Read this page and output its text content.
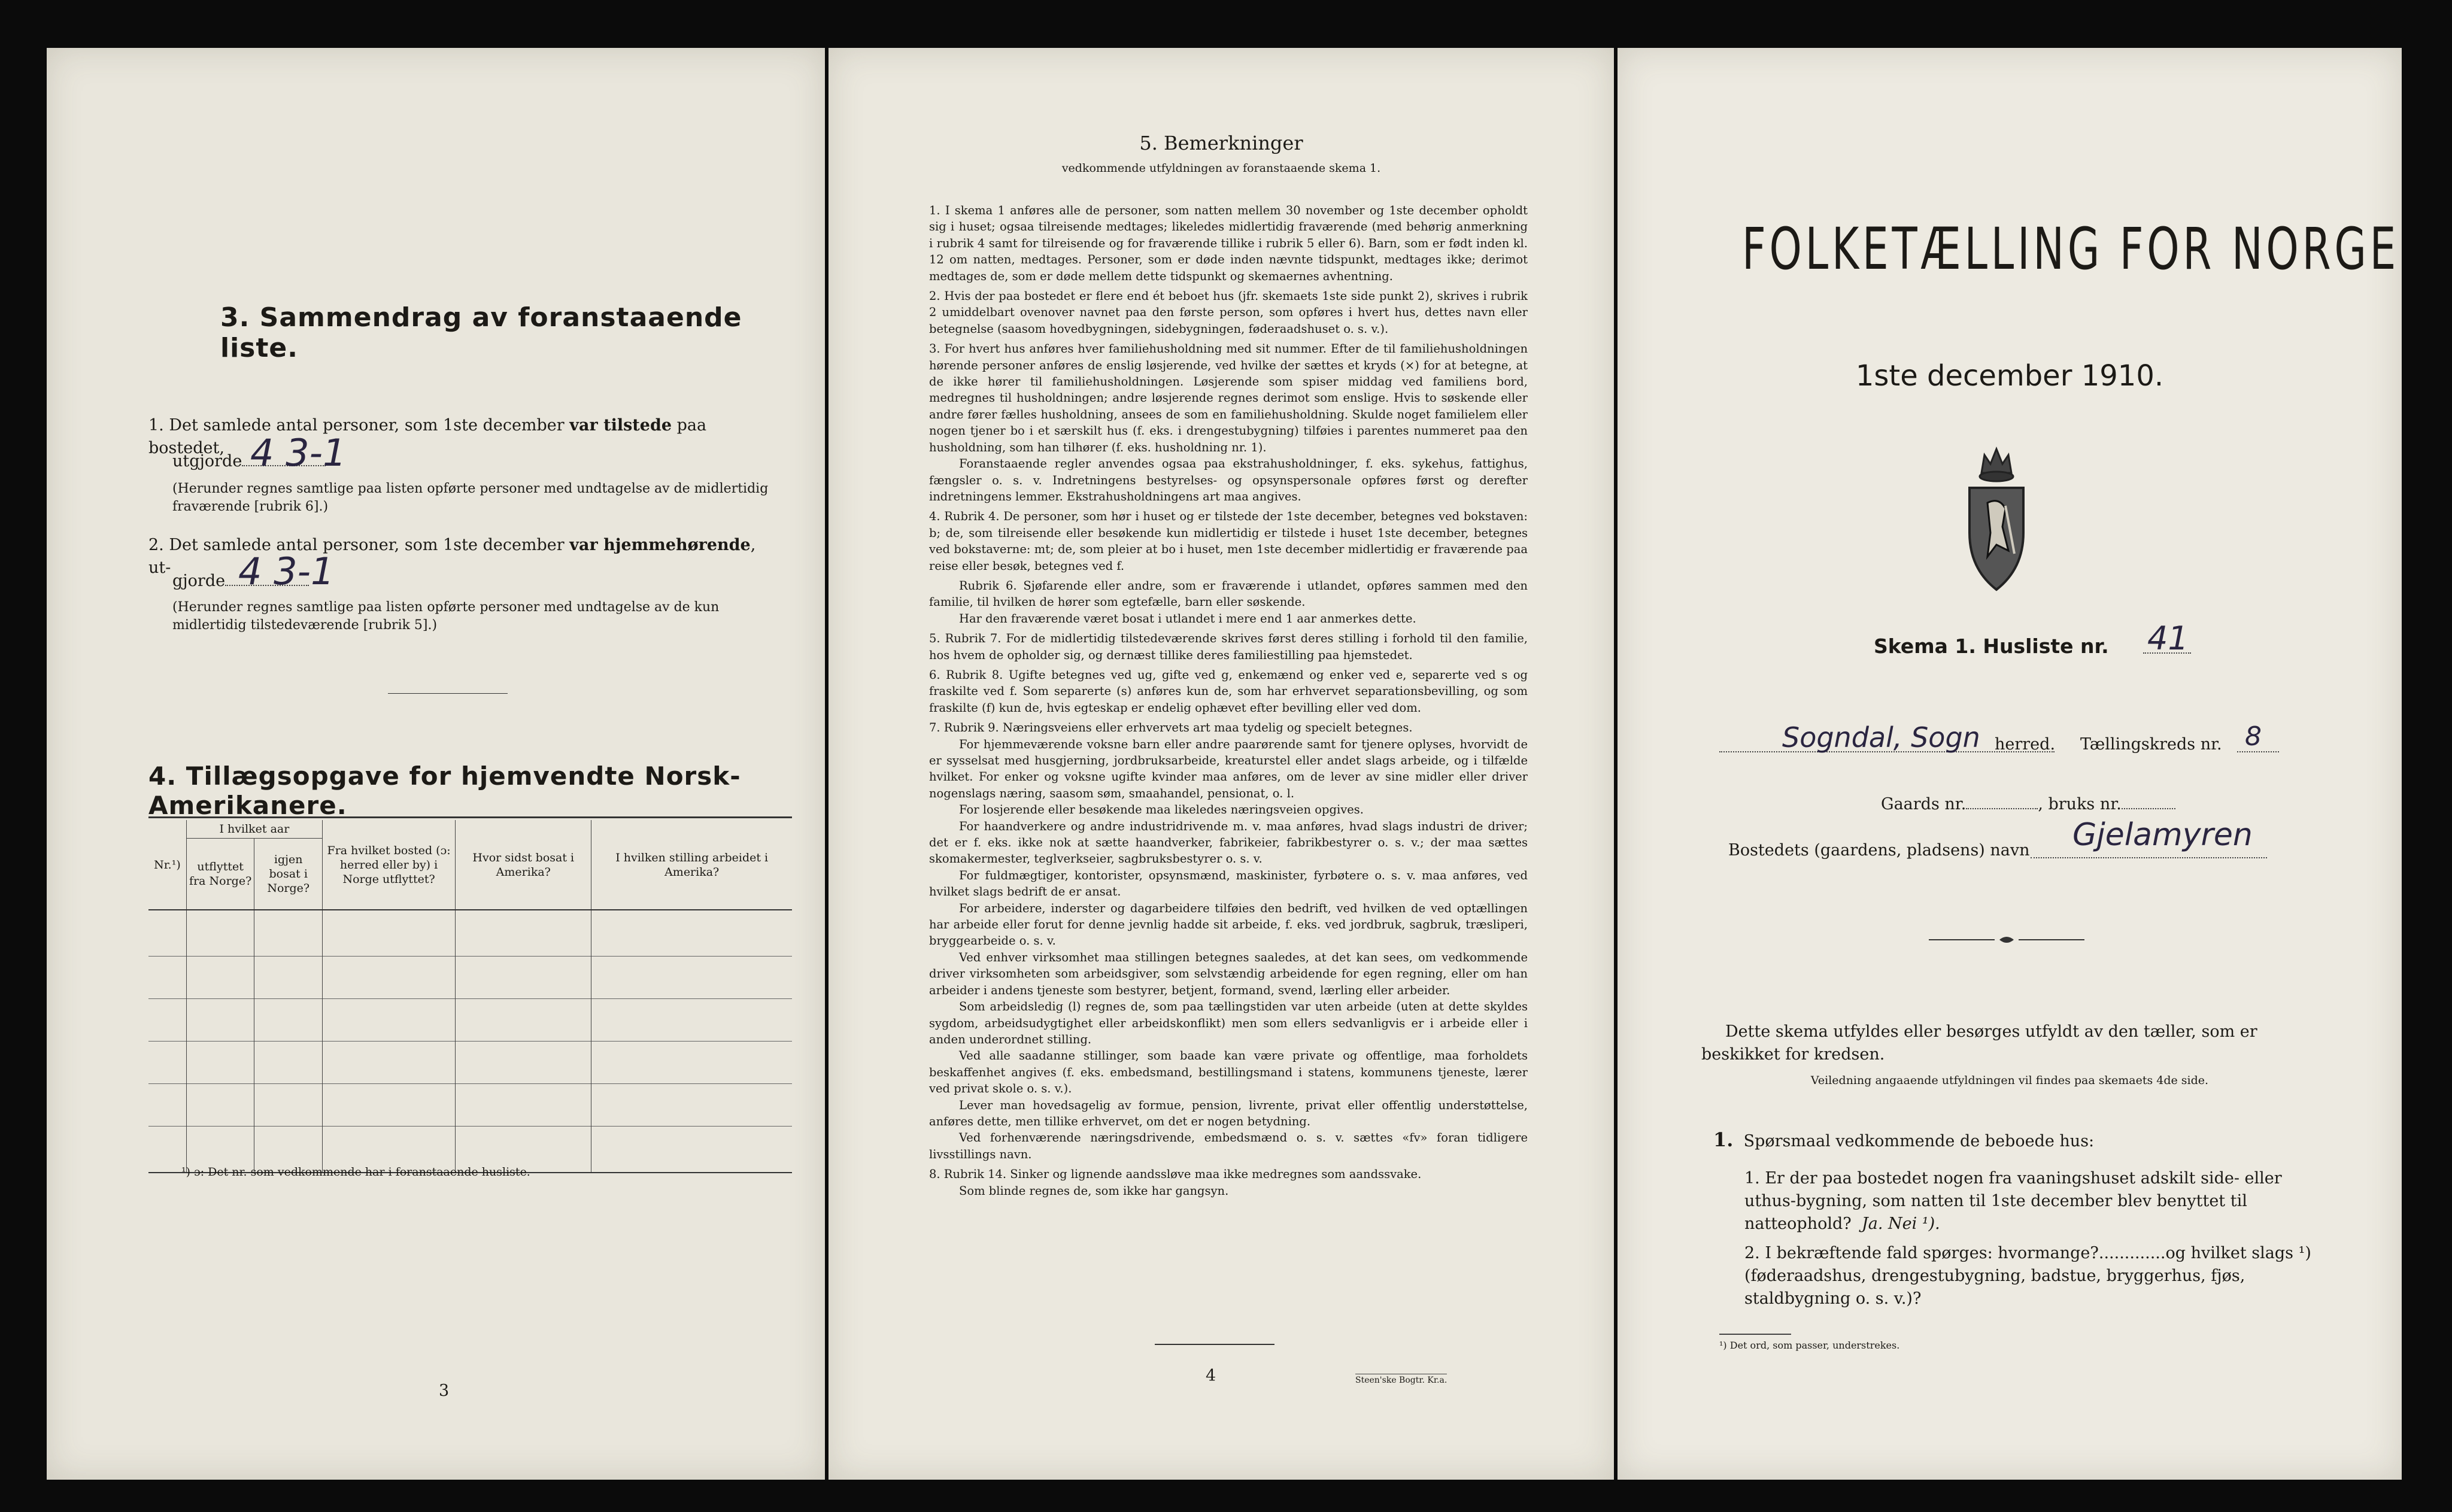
3. Sammendrag av foranstaaende liste.
1. Det samlede antal personer, som 1ste december var tilstede paa bostedet,
utgjorde 4 3-1
(Herunder regnes samtlige paa listen opførte personer med undtagelse av de midlertidig fraværende [rubrik 6].)
2. Det samlede antal personer, som 1ste december var hjemmehørende, ut-
gjorde 4 3-1
(Herunder regnes samtlige paa listen opførte personer med undtagelse av de kun midlertidig tilstedeværende [rubrik 5].)
4. Tillægsopgave for hjemvendte Norsk-Amerikanere.
Nr.¹)	I hvilket aar		Fra hvilket bosted (ɔ: herred eller by) i Norge utflyttet?	Hvor sidst bosat i Amerika?	I hvilken stilling arbeidet i Amerika?
	utflyttet fra Norge?	igjen bosat i Norge?			

¹) ɔ: Det nr. som vedkommende har i foranstaaende husliste.
3
5. Bemerkninger
vedkommende utfyldningen av foranstaaende skema 1.

1. I skema 1 anføres alle de personer, som natten mellem 30 november og 1ste december opholdt sig i huset; ogsaa tilreisende medtages; likeledes midlertidig fraværende (med behørig anmerkning i rubrik 4 samt for tilreisende og for fraværende tillike i rubrik 5 eller 6). Barn, som er født inden kl. 12 om natten, medtages. Personer, som er døde inden nævnte tidspunkt, medtages ikke; derimot medtages de, som er døde mellem dette tidspunkt og skemaernes avhentning.

2. Hvis der paa bostedet er flere end ét beboet hus (jfr. skemaets 1ste side punkt 2), skrives i rubrik 2 umiddelbart ovenover navnet paa den første person, som opføres i hvert hus, dettes navn eller betegnelse (saasom hovedbygningen, sidebygningen, føderaadshuset o. s. v.).

3. For hvert hus anføres hver familiehusholdning med sit nummer. Efter de til familiehusholdningen hørende personer anføres de enslig løsjerende, ved hvilke der sættes et kryds (×) for at betegne, at de ikke hører til familiehusholdningen. Løsjerende som spiser middag ved familiens bord, medregnes til husholdningen; andre løsjerende regnes derimot som enslige. Hvis to søskende eller andre fører fælles husholdning, ansees de som en familiehusholdning. Skulde noget familielem eller nogen tjener bo i et særskilt hus (f. eks. i drengestubygning) tilføies i parentes nummeret paa den husholdning, som han tilhører (f. eks. husholdning nr. 1).

Foranstaaende regler anvendes ogsaa paa ekstrahusholdninger, f. eks. sykehus, fattighus, fængsler o. s. v. Indretningens bestyrelses- og opsynspersonale opføres først og derefter indretningens lemmer. Ekstrahusholdningens art maa angives.

4. Rubrik 4. De personer, som hør i huset og er tilstede der 1ste december, betegnes ved bokstaven: b; de, som tilreisende eller besøkende kun midlertidig er tilstede i huset 1ste december, betegnes ved bokstaverne: mt; de, som pleier at bo i huset, men 1ste december midlertidig er fraværende paa reise eller besøk, betegnes ved f.

Rubrik 6. Sjøfarende eller andre, som er fraværende i utlandet, opføres sammen med den familie, til hvilken de hører som egtefælle, barn eller søskende.

Har den fraværende været bosat i utlandet i mere end 1 aar anmerkes dette.

5. Rubrik 7. For de midlertidig tilstedeværende skrives først deres stilling i forhold til den familie, hos hvem de opholder sig, og dernæst tillike deres familiestilling paa hjemstedet.

6. Rubrik 8. Ugifte betegnes ved ug, gifte ved g, enkemænd og enker ved e, separerte ved s og fraskilte ved f. Som separerte (s) anføres kun de, som har erhvervet separationsbevilling, og som fraskilte (f) kun de, hvis egteskap er endelig ophævet efter bevilling eller ved dom.

7. Rubrik 9. Næringsveiens eller erhvervets art maa tydelig og specielt betegnes.

For hjemmeværende voksne barn eller andre paarørende samt for tjenere oplyses, hvorvidt de er sysselsat med husgjerning, jordbruksarbeide, kreaturstel eller andet slags arbeide, og i tilfælde hvilket. For enker og voksne ugifte kvinder maa anføres, om de lever av sine midler eller driver nogenslags næring, saasom søm, smaahandel, pensionat, o. l.

For losjerende eller besøkende maa likeledes næringsveien opgives.

For haandverkere og andre industridrivende m. v. maa anføres, hvad slags industri de driver; det er f. eks. ikke nok at sætte haandverker, fabrikeier, fabrikbestyrer o. s. v.; der maa sættes skomakermester, teglverkseier, sagbruksbestyrer o. s. v.

For fuldmægtiger, kontorister, opsynsmænd, maskinister, fyrbøtere o. s. v. maa anføres, ved hvilket slags bedrift de er ansat.

For arbeidere, inderster og dagarbeidere tilføies den bedrift, ved hvilken de ved optællingen har arbeide eller forut for denne jevnlig hadde sit arbeide, f. eks. ved jordbruk, sagbruk, træsliperi, bryggearbeide o. s. v.

Ved enhver virksomhet maa stillingen betegnes saaledes, at det kan sees, om vedkommende driver virksomheten som arbeidsgiver, som selvstændig arbeidende for egen regning, eller om han arbeider i andens tjeneste som bestyrer, betjent, formand, svend, lærling eller arbeider.

Som arbeidsledig (l) regnes de, som paa tællingstiden var uten arbeide (uten at dette skyldes sygdom, arbeidsudygtighet eller arbeidskonflikt) men som ellers sedvanligvis er i arbeide eller i anden underordnet stilling.

Ved alle saadanne stillinger, som baade kan være private og offentlige, maa forholdets beskaffenhet angives (f. eks. embedsmand, bestillingsmand i statens, kommunens tjeneste, lærer ved privat skole o. s. v.).

Lever man hovedsagelig av formue, pension, livrente, privat eller offentlig understøttelse, anføres dette, men tillike erhvervet, om det er nogen betydning.

Ved forhenværende næringsdrivende, embedsmænd o. s. v. sættes «fv» foran tidligere livsstillings navn.

8. Rubrik 14. Sinker og lignende aandssløve maa ikke medregnes som aandssvake.

Som blinde regnes de, som ikke har gangsyn.

4	Steen'ske Bogtr. Kr.a.
FOLKETÆLLING FOR NORGE
1ste december 1910.
Skema 1. Husliste nr. 41
Sogndal, Sogn herred. Tællingskreds nr. 8
Gaards nr.	, bruks nr.
Bostedets (gaardens, pladsens) navn Gjelamyren
Dette skema utfyldes eller besørges utfyldt av den tæller, som er beskikket for kredsen.
Veiledning angaaende utfyldningen vil findes paa skemaets 4de side.
1. Spørsmaal vedkommende de beboede hus:
1. Er der paa bostedet nogen fra vaaningshuset adskilt side- eller uthus-bygning, som natten til 1ste december blev benyttet til natteophold? Ja. Nei ¹).
2. I bekræftende fald spørges: hvormange?.............og hvilket slags ¹) (føderaadshus, drengestubygning, badstue, bryggerhus, fjøs, staldbygning o. s. v.)?
¹) Det ord, som passer, understrekes.
